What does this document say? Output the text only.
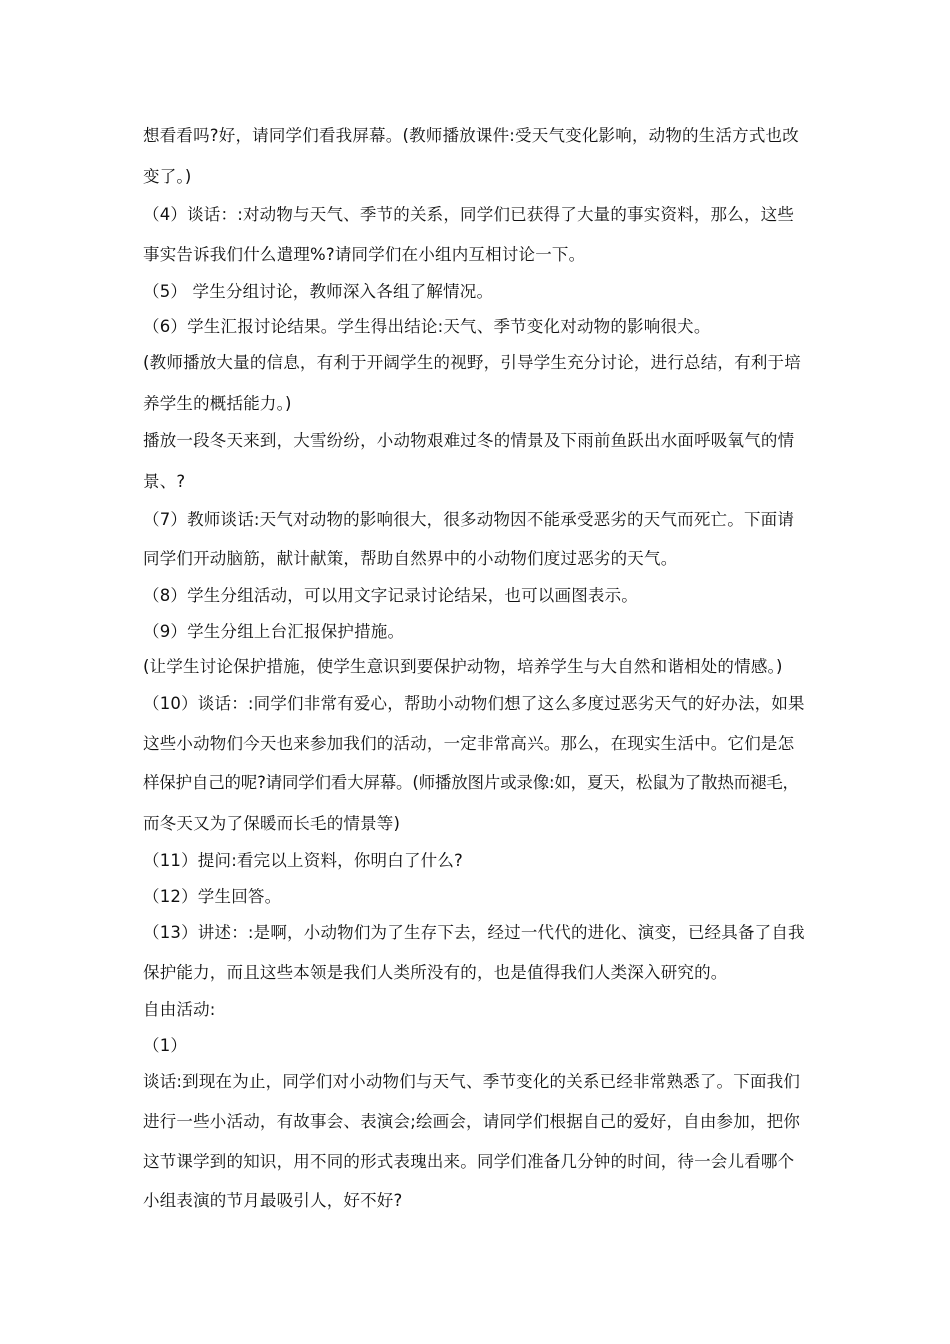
想看看吗?好，请同学们看我屏幕。(教师播放课件:受天气变化影响，动物的生活方式也改
变了。)
（4）谈话：:对动物与天气、季节的关系，同学们已获得了大量的事实资料，那么，这些
事实告诉我们什么遣理%?请同学们在小组内互相讨论一下。
（5） 学生分组讨论，教师深入各组了解情况。
（6）学生汇报讨论结果。学生得出结论:天气、季节变化对动物的影响很犬。
(教师播放大量的信息，有利于开阔学生的视野，引导学生充分讨论，进行总结，有利于培
养学生的概括能力。)
播放一段冬天来到，大雪纷纷，小动物艰难过冬的情景及下雨前鱼跃出水面呼吸氧气的情
景、?
（7）教师谈话:天气对动物的影响很大，很多动物因不能承受恶劣的天气而死亡。下面请
同学们开动脑筋，献计献策，帮助自然界中的小动物们度过恶劣的天气。
（8）学生分组活动，可以用文字记录讨论结呆，也可以画图表示。
（9）学生分组上台汇报保护措施。
(让学生讨论保护措施，使学生意识到要保护动物，培养学生与大自然和谐相处的情感。)
（10）谈话：:同学们非常有爱心，帮助小动物们想了这么多度过恶劣天气的好办法，如果
这些小动物们今天也来参加我们的活动，一定非常高兴。那么，在现实生活中。它们是怎
样保护自己的呢?请同学们看大屏幕。(师播放图片或录像:如，夏天，松鼠为了散热而褪毛，
而冬天又为了保暖而长毛的情景等)
（11）提问:看完以上资料，你明白了什么?
（12）学生回答。
（13）讲述：:是啊，小动物们为了生存下去，经过一代代的进化、演变，已经具备了自我
保护能力，而且这些本领是我们人类所没有的，也是值得我们人类深入研究的。
自由活动:
（1）
谈话:到现在为止，同学们对小动物们与天气、季节变化的关系已经非常熟悉了。下面我们
进行一些小活动，有故事会、表演会;绘画会，请同学们根据自己的爱好，自由参加，把你
这节课学到的知识，用不同的形式表瑰出来。同学们准备几分钟的时间，待一会儿看哪个
小组表演的节月最吸引人，好不好?
